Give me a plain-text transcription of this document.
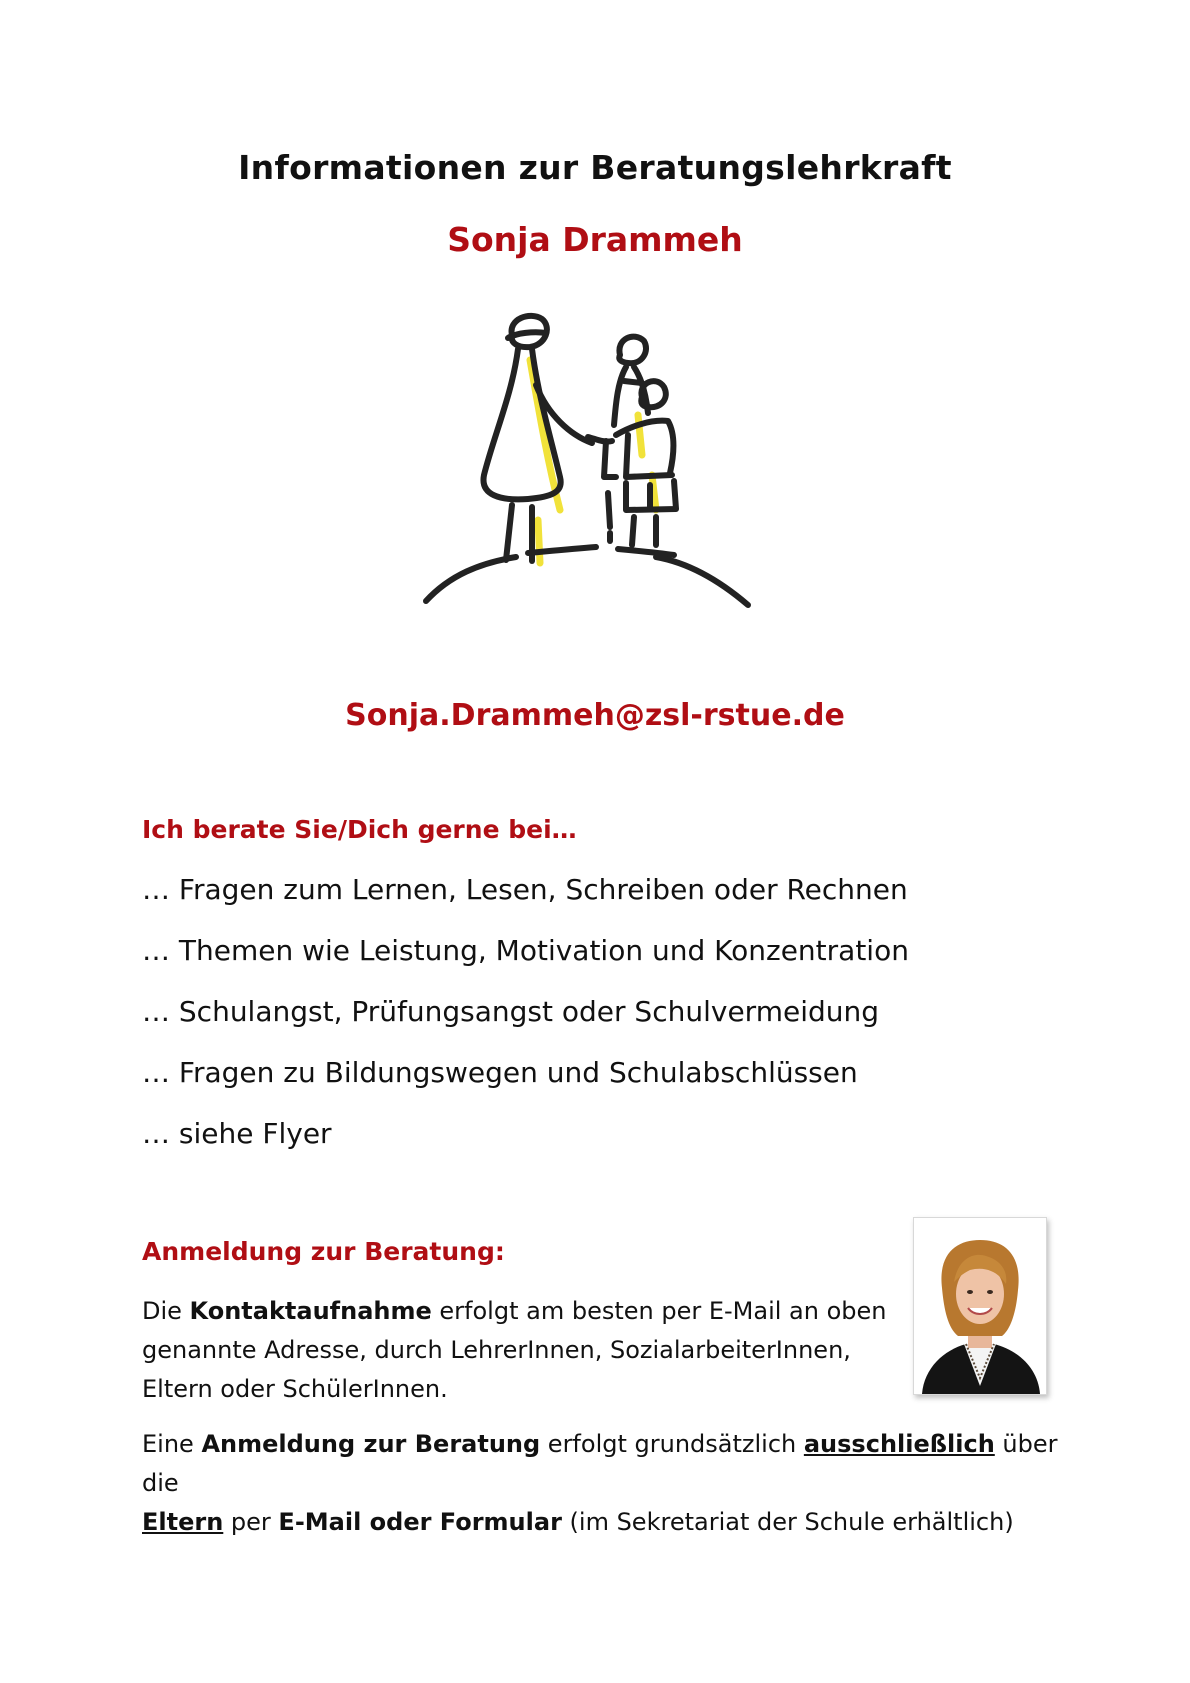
Informationen zur Beratungslehrkraft
Sonja Drammeh
Sonja.Drammeh@zsl-rstue.de
Ich berate Sie/Dich gerne bei…
… Fragen zum Lernen, Lesen, Schreiben oder Rechnen
… Themen wie Leistung, Motivation und Konzentration
… Schulangst, Prüfungsangst oder Schulvermeidung
… Fragen zu Bildungswegen und Schulabschlüssen
… siehe Flyer
Anmeldung zur Beratung:

Die Kontaktaufnahme erfolgt am besten per E-Mail an oben
genannte Adresse, durch LehrerInnen, SozialarbeiterInnen,
Eltern oder SchülerInnen.

Eine Anmeldung zur Beratung erfolgt grundsätzlich ausschließlich über die
Eltern per E-Mail oder Formular (im Sekretariat der Schule erhältlich)
